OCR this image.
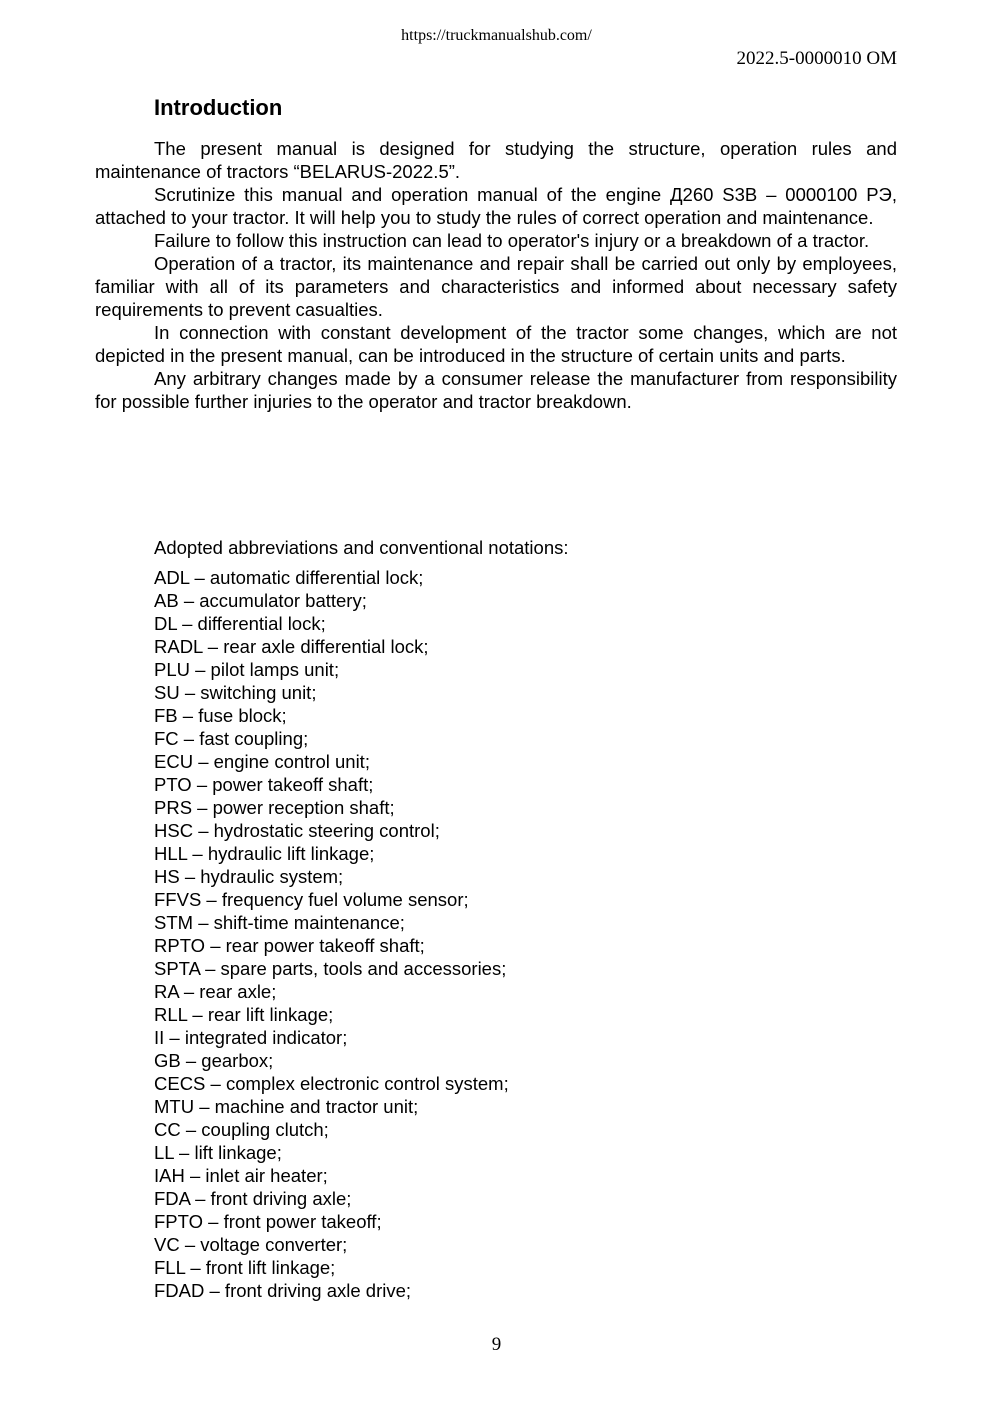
https://truckmanualshub.com/
2022.5-0000010 OM
Introduction

The present manual is designed for studying the structure, operation rules and maintenance of tractors “BELARUS-2022.5”.

Scrutinize this manual and operation manual of the engine Д260 S3B – 0000100 РЭ, attached to your tractor. It will help you to study the rules of correct operation and maintenance.

Failure to follow this instruction can lead to operator's injury or a breakdown of a tractor.

Operation of a tractor, its maintenance and repair shall be carried out only by employees, familiar with all of its parameters and characteristics and informed about necessary safety requirements to prevent casualties.

In connection with constant development of the tractor some changes, which are not depicted in the present manual, can be introduced in the structure of certain units and parts.

Any arbitrary changes made by a consumer release the manufacturer from responsibility for possible further injuries to the operator and tractor breakdown.

Adopted abbreviations and conventional notations:
ADL – automatic differential lock;
AB – accumulator battery;
DL – differential lock;
RADL – rear axle differential lock;
PLU – pilot lamps unit;
SU – switching unit;
FB – fuse block;
FC – fast coupling;
ECU – engine control unit;
PTO – power takeoff shaft;
PRS – power reception shaft;
HSC – hydrostatic steering control;
HLL – hydraulic lift linkage;
HS – hydraulic system;
FFVS – frequency fuel volume sensor;
STM – shift-time maintenance;
RPTO – rear power takeoff shaft;
SPTA – spare parts, tools and accessories;
RA – rear axle;
RLL – rear lift linkage;
II – integrated indicator;
GB – gearbox;
CECS – complex electronic control system;
MTU – machine and tractor unit;
CC – coupling clutch;
LL – lift linkage;
IAH – inlet air heater;
FDA – front driving axle;
FPTO – front power takeoff;
VC – voltage converter;
FLL – front lift linkage;
FDAD – front driving axle drive;
9
